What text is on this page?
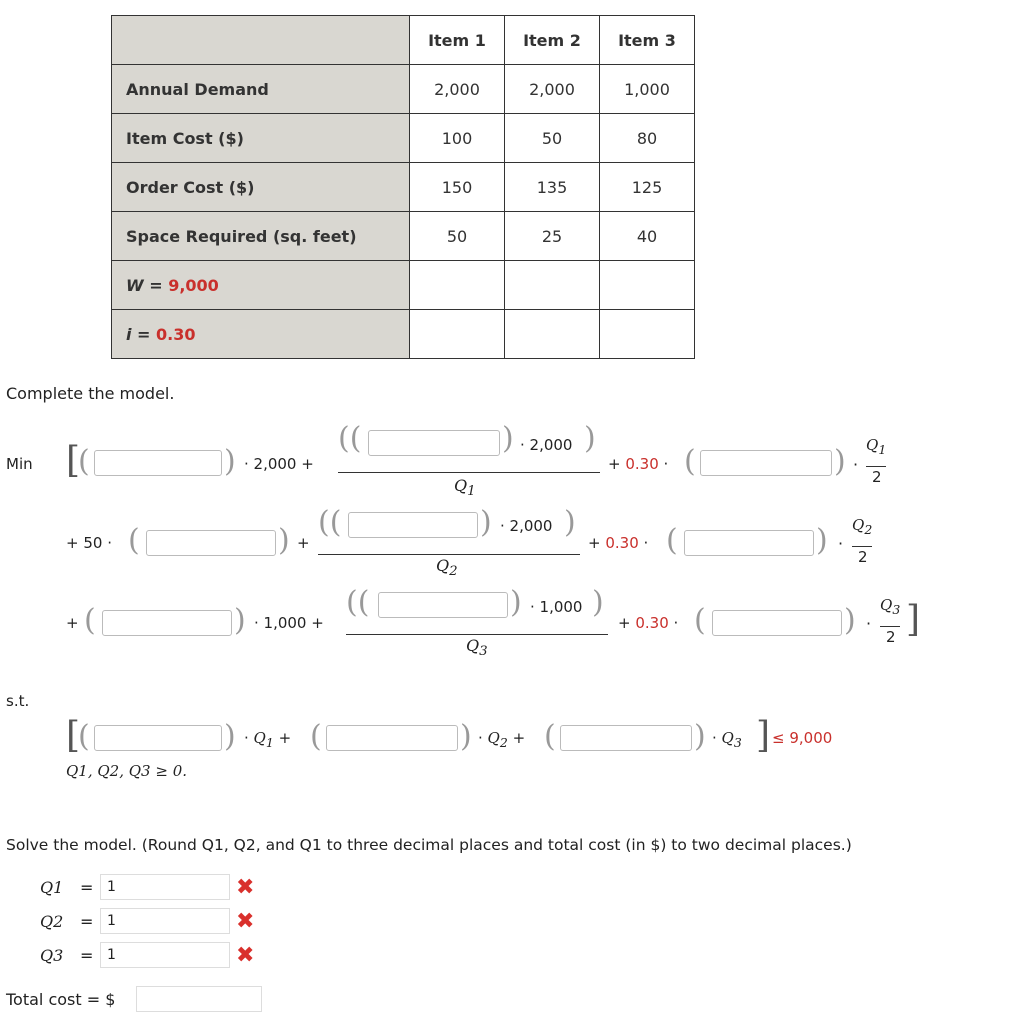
	Item 1	Item 2	Item 3
Annual Demand	2,000	2,000	1,000
Item Cost ($)	100	50	80
Order Cost ($)	150	135	125
Space Required (sq. feet)	50	25	40
W = 9,000			
i = 0.30			
Complete the model.
Min [
(	) · 2,000 +
((	) · 2,000 )
$Q_1$
+ 0.30 · (	) ·
$Q_1$
2
+ 50 · (	) +
((	) · 2,000 )
$Q_2$
+ 0.30 · (	) ·
$Q_2$
2
+ (	) · 1,000 +
((	) · 1,000 )
$Q_3$
+ 0.30 · (	) ·
$Q_3$
2 ]
s.t.
[
(	) · $Q_1$ + (	) · $Q_2$ + (	) · $Q_3$ ] ≤ 9,000
Q1, Q2, Q3 ≥ 0.
Solve the model. (Round Q1, Q2, and Q1 to three decimal places and total cost (in $) to two decimal places.)
Q1 = 1	✖
Q2 = 1	✖
Q3 = 1	✖
Total cost = $
